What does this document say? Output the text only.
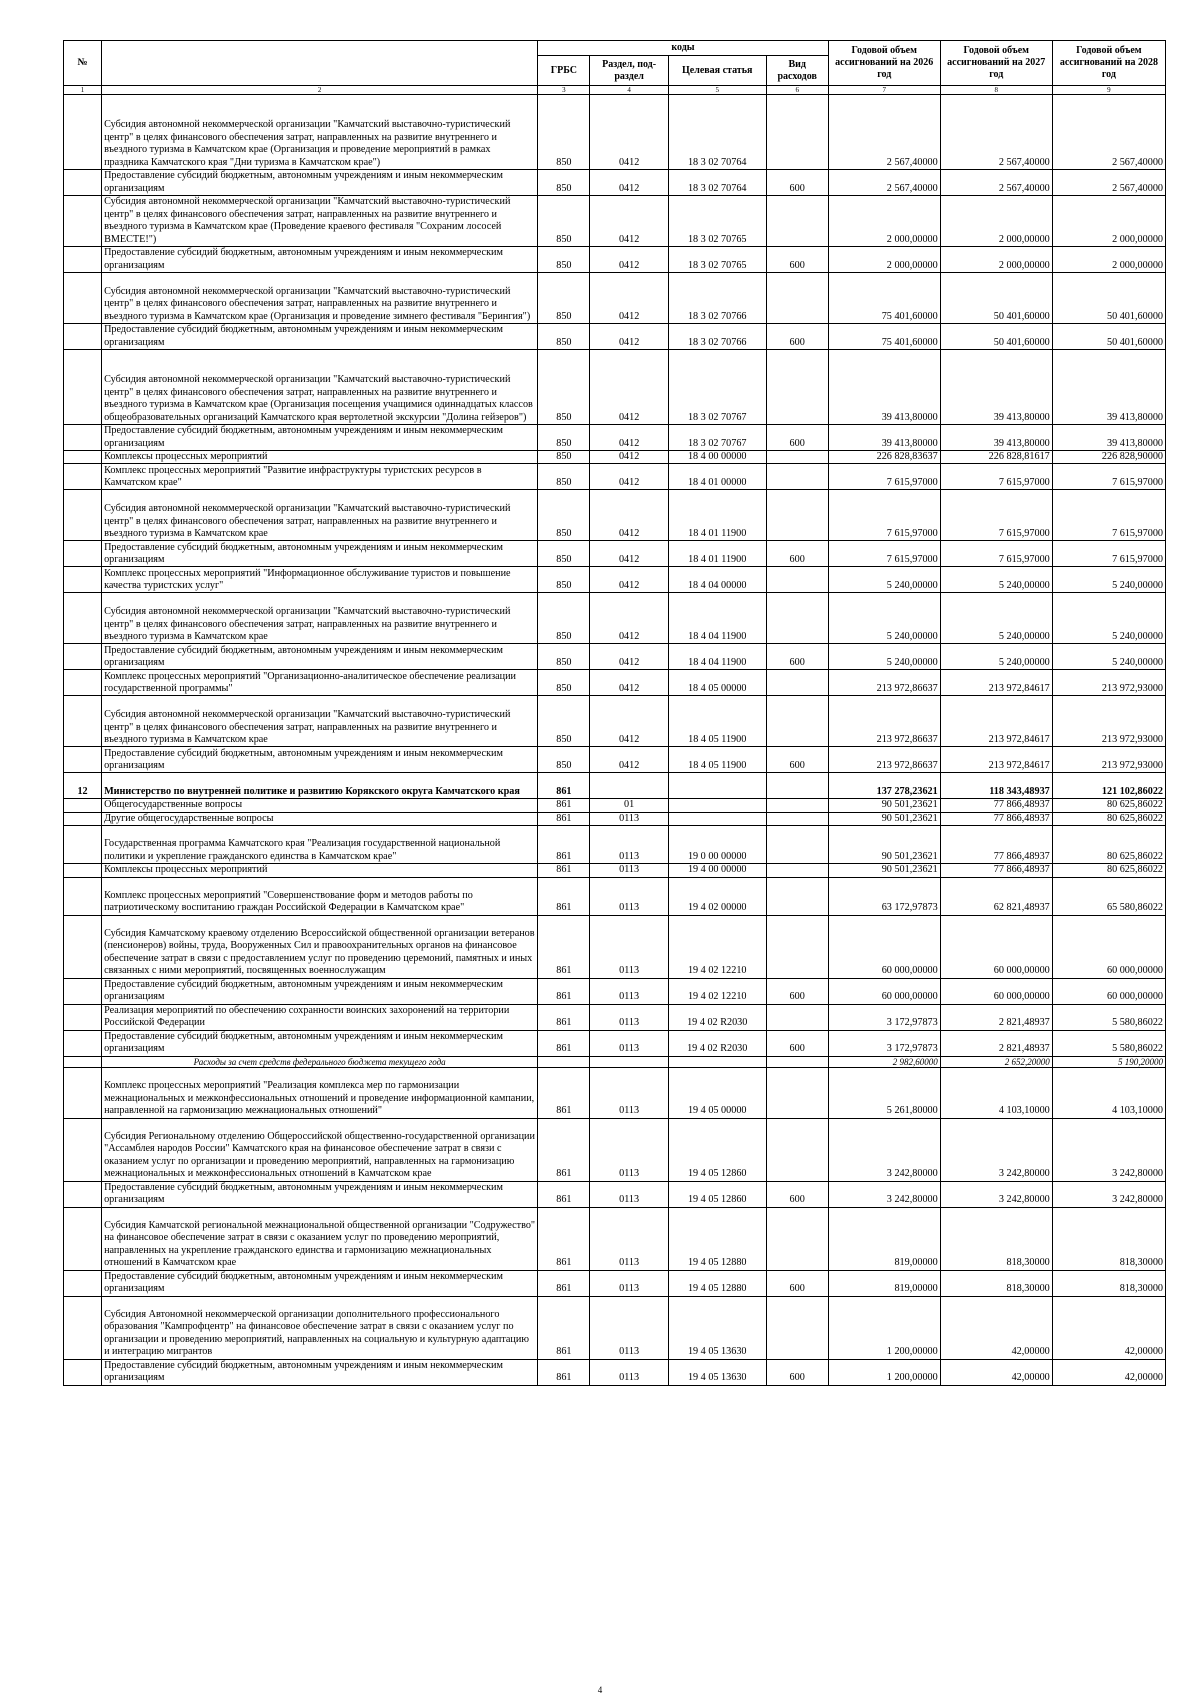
№		коды				Годовой объем ассигнований на 2026 год	Годовой объем ассигнований на 2027 год	Годовой объем ассигнований на 2028 год
		ГРБС	Раздел, под-раздел	Целевая статья	Вид расходов			
1	2	3	4	5	6	7	8	9
	Субсидия автономной некоммерческой организации "Камчатский выставочно-туристический центр" в целях финансового обеспечения затрат, направленных на развитие внутреннего и въездного туризма в Камчатском крае (Организация и проведение мероприятий в рамках праздника Камчатского края "Дни туризма в Камчатском крае")	850	0412	18 3 02 70764		2 567,40000	2 567,40000	2 567,40000
	Предоставление субсидий бюджетным, автономным учреждениям и иным некоммерческим организациям	850	0412	18 3 02 70764	600	2 567,40000	2 567,40000	2 567,40000
	Субсидия автономной некоммерческой организации "Камчатский выставочно-туристический центр" в целях финансового обеспечения затрат, направленных на развитие внутреннего и въездного туризма в Камчатском крае (Проведение краевого фестиваля "Сохраним лососей ВМЕСТЕ!")	850	0412	18 3 02 70765		2 000,00000	2 000,00000	2 000,00000
	Предоставление субсидий бюджетным, автономным учреждениям и иным некоммерческим организациям	850	0412	18 3 02 70765	600	2 000,00000	2 000,00000	2 000,00000
	Субсидия автономной некоммерческой организации "Камчатский выставочно-туристический центр" в целях финансового обеспечения затрат, направленных на развитие внутреннего и въездного туризма в Камчатском крае (Организация и проведение зимнего фестиваля "Берингия")	850	0412	18 3 02 70766		75 401,60000	50 401,60000	50 401,60000
	Предоставление субсидий бюджетным, автономным учреждениям и иным некоммерческим организациям	850	0412	18 3 02 70766	600	75 401,60000	50 401,60000	50 401,60000
	Субсидия автономной некоммерческой организации "Камчатский выставочно-туристический центр" в целях финансового обеспечения затрат, направленных на развитие внутреннего и въездного туризма в Камчатском крае (Организация посещения учащимися одиннадцатых классов общеобразовательных организаций Камчатского края вертолетной экскурсии "Долина гейзеров")	850	0412	18 3 02 70767		39 413,80000	39 413,80000	39 413,80000
	Предоставление субсидий бюджетным, автономным учреждениям и иным некоммерческим организациям	850	0412	18 3 02 70767	600	39 413,80000	39 413,80000	39 413,80000
	Комплексы процессных мероприятий	850	0412	18 4 00 00000		226 828,83637	226 828,81617	226 828,90000
	Комплекс процессных мероприятий "Развитие инфраструктуры туристских ресурсов в Камчатском крае"	850	0412	18 4 01 00000		7 615,97000	7 615,97000	7 615,97000
	Субсидия автономной некоммерческой организации "Камчатский выставочно-туристический центр" в целях финансового обеспечения затрат, направленных на развитие внутреннего и въездного туризма в Камчатском крае	850	0412	18 4 01 11900		7 615,97000	7 615,97000	7 615,97000
	Предоставление субсидий бюджетным, автономным учреждениям и иным некоммерческим организациям	850	0412	18 4 01 11900	600	7 615,97000	7 615,97000	7 615,97000
	Комплекс процессных мероприятий "Информационное обслуживание туристов и повышение качества туристских услуг"	850	0412	18 4 04 00000		5 240,00000	5 240,00000	5 240,00000
	Субсидия автономной некоммерческой организации "Камчатский выставочно-туристический центр" в целях финансового обеспечения затрат, направленных на развитие внутреннего и въездного туризма в Камчатском крае	850	0412	18 4 04 11900		5 240,00000	5 240,00000	5 240,00000
	Предоставление субсидий бюджетным, автономным учреждениям и иным некоммерческим организациям	850	0412	18 4 04 11900	600	5 240,00000	5 240,00000	5 240,00000
	Комплекс процессных мероприятий "Организационно-аналитическое обеспечение реализации государственной программы"	850	0412	18 4 05 00000		213 972,86637	213 972,84617	213 972,93000
	Субсидия автономной некоммерческой организации "Камчатский выставочно-туристический центр" в целях финансового обеспечения затрат, направленных на развитие внутреннего и въездного туризма в Камчатском крае	850	0412	18 4 05 11900		213 972,86637	213 972,84617	213 972,93000
	Предоставление субсидий бюджетным, автономным учреждениям и иным некоммерческим организациям	850	0412	18 4 05 11900	600	213 972,86637	213 972,84617	213 972,93000
12	Министерство по внутренней политике и развитию Корякского округа Камчатского края	861				137 278,23621	118 343,48937	121 102,86022
	Общегосударственные вопросы	861	01			90 501,23621	77 866,48937	80 625,86022
	Другие общегосударственные вопросы	861	0113			90 501,23621	77 866,48937	80 625,86022
	Государственная программа Камчатского края "Реализация государственной национальной политики и укрепление гражданского единства в Камчатском крае"	861	0113	19 0 00 00000		90 501,23621	77 866,48937	80 625,86022
	Комплексы процессных мероприятий	861	0113	19 4 00 00000		90 501,23621	77 866,48937	80 625,86022
	Комплекс процессных мероприятий "Совершенствование форм и методов работы по патриотическому воспитанию граждан Российской Федерации в Камчатском крае"	861	0113	19 4 02 00000		63 172,97873	62 821,48937	65 580,86022
	Субсидия Камчатскому краевому отделению Всероссийской общественной организации ветеранов (пенсионеров) войны, труда, Вооруженных Сил и правоохранительных органов на финансовое обеспечение затрат в связи с предоставлением услуг по проведению церемоний, памятных и иных связанных с ними мероприятий, посвященных военнослужащим	861	0113	19 4 02 12210		60 000,00000	60 000,00000	60 000,00000
	Предоставление субсидий бюджетным, автономным учреждениям и иным некоммерческим организациям	861	0113	19 4 02 12210	600	60 000,00000	60 000,00000	60 000,00000
	Реализация мероприятий по обеспечению сохранности воинских захоронений на территории Российской Федерации	861	0113	19 4 02 R2030		3 172,97873	2 821,48937	5 580,86022
	Предоставление субсидий бюджетным, автономным учреждениям и иным некоммерческим организациям	861	0113	19 4 02 R2030	600	3 172,97873	2 821,48937	5 580,86022
	Расходы за счет средств федерального бюджета текущего года					2 982,60000	2 652,20000	5 190,20000
	Комплекс процессных мероприятий "Реализация комплекса мер по гармонизации межнациональных и межконфессиональных отношений и проведение информационной кампании, направленной на гармонизацию межнациональных отношений"	861	0113	19 4 05 00000		5 261,80000	4 103,10000	4 103,10000
	Субсидия Региональному отделению Общероссийской общественно-государственной организации "Ассамблея народов России" Камчатского края на финансовое обеспечение затрат в связи с оказанием услуг по организации и проведению мероприятий, направленных на гармонизацию межнациональных и межконфессиональных отношений в Камчатском крае	861	0113	19 4 05 12860		3 242,80000	3 242,80000	3 242,80000
	Предоставление субсидий бюджетным, автономным учреждениям и иным некоммерческим организациям	861	0113	19 4 05 12860	600	3 242,80000	3 242,80000	3 242,80000
	Субсидия Камчатской региональной межнациональной общественной организации "Содружество" на финансовое обеспечение затрат в связи с оказанием услуг по проведению мероприятий, направленных на укрепление гражданского единства и гармонизацию межнациональных отношений в Камчатском крае	861	0113	19 4 05 12880		819,00000	818,30000	818,30000
	Предоставление субсидий бюджетным, автономным учреждениям и иным некоммерческим организациям	861	0113	19 4 05 12880	600	819,00000	818,30000	818,30000
	Субсидия Автономной некоммерческой организации дополнительного профессионального образования "Кампрофцентр" на финансовое обеспечение затрат в связи с оказанием услуг по организации и проведению мероприятий, направленных на социальную и культурную адаптацию и интеграцию мигрантов	861	0113	19 4 05 13630		1 200,00000	42,00000	42,00000
	Предоставление субсидий бюджетным, автономным учреждениям и иным некоммерческим организациям	861	0113	19 4 05 13630	600	1 200,00000	42,00000	42,00000
4
